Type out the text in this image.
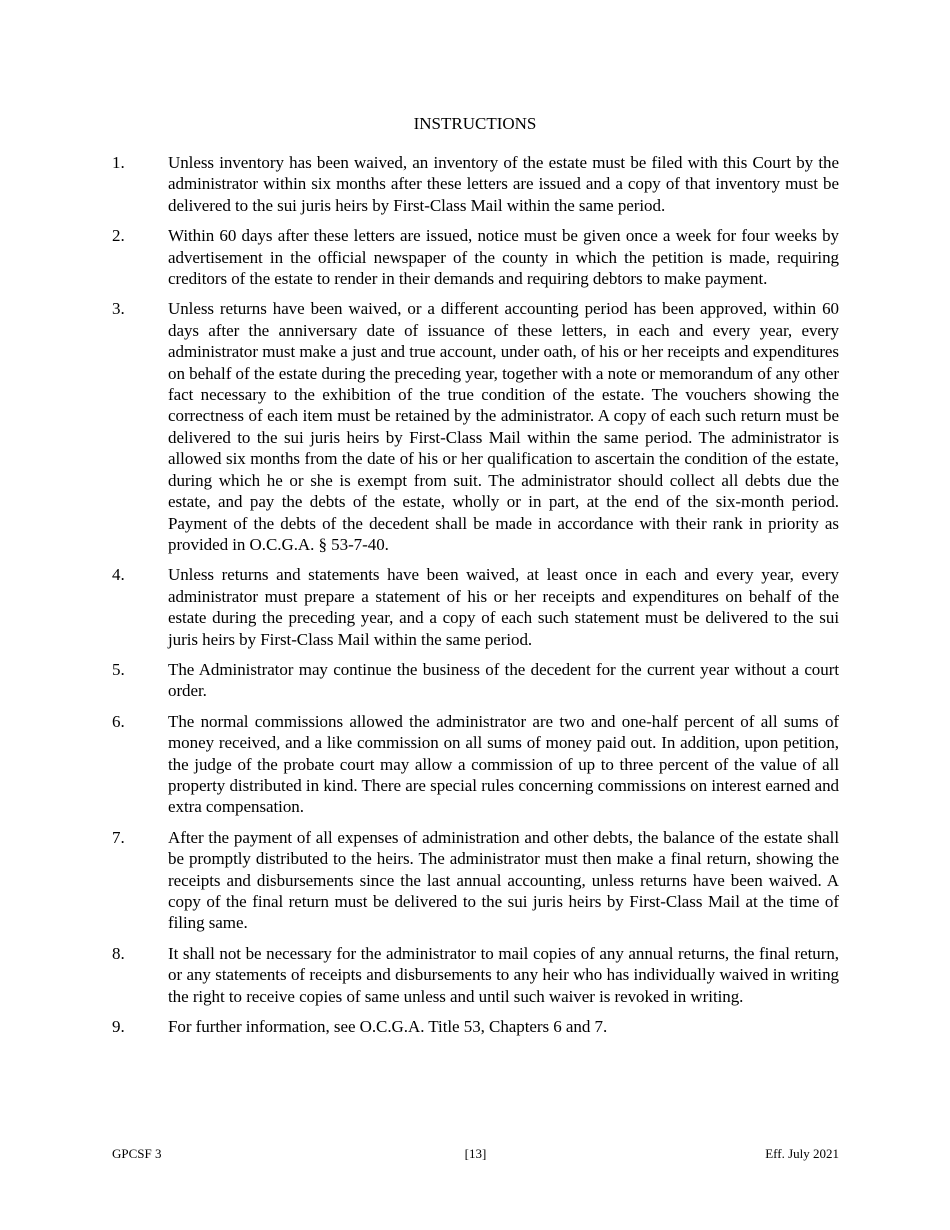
INSTRUCTIONS
1.	Unless inventory has been waived, an inventory of the estate must be filed with this Court by the administrator within six months after these letters are issued and a copy of that inventory must be delivered to the sui juris heirs by First-Class Mail within the same period.
2.	Within 60 days after these letters are issued, notice must be given once a week for four weeks by advertisement in the official newspaper of the county in which the petition is made, requiring creditors of the estate to render in their demands and requiring debtors to make payment.
3.	Unless returns have been waived, or a different accounting period has been approved, within 60 days after the anniversary date of issuance of these letters, in each and every year, every administrator must make a just and true account, under oath, of his or her receipts and expenditures on behalf of the estate during the preceding year, together with a note or memorandum of any other fact necessary to the exhibition of the true condition of the estate. The vouchers showing the correctness of each item must be retained by the administrator. A copy of each such return must be delivered to the sui juris heirs by First-Class Mail within the same period. The administrator is allowed six months from the date of his or her qualification to ascertain the condition of the estate, during which he or she is exempt from suit. The administrator should collect all debts due the estate, and pay the debts of the estate, wholly or in part, at the end of the six-month period. Payment of the debts of the decedent shall be made in accordance with their rank in priority as provided in O.C.G.A. § 53-7-40.
4.	Unless returns and statements have been waived, at least once in each and every year, every administrator must prepare a statement of his or her receipts and expenditures on behalf of the estate during the preceding year, and a copy of each such statement must be delivered to the sui juris heirs by First-Class Mail within the same period.
5.	The Administrator may continue the business of the decedent for the current year without a court order.
6.	The normal commissions allowed the administrator are two and one-half percent of all sums of money received, and a like commission on all sums of money paid out. In addition, upon petition, the judge of the probate court may allow a commission of up to three percent of the value of all property distributed in kind. There are special rules concerning commissions on interest earned and extra compensation.
7.	After the payment of all expenses of administration and other debts, the balance of the estate shall be promptly distributed to the heirs. The administrator must then make a final return, showing the receipts and disbursements since the last annual accounting, unless returns have been waived. A copy of the final return must be delivered to the sui juris heirs by First-Class Mail at the time of filing same.
8.	It shall not be necessary for the administrator to mail copies of any annual returns, the final return, or any statements of receipts and disbursements to any heir who has individually waived in writing the right to receive copies of same unless and until such waiver is revoked in writing.
9.	For further information, see O.C.G.A. Title 53, Chapters 6 and 7.
GPCSF 3	[13]	Eff. July 2021
